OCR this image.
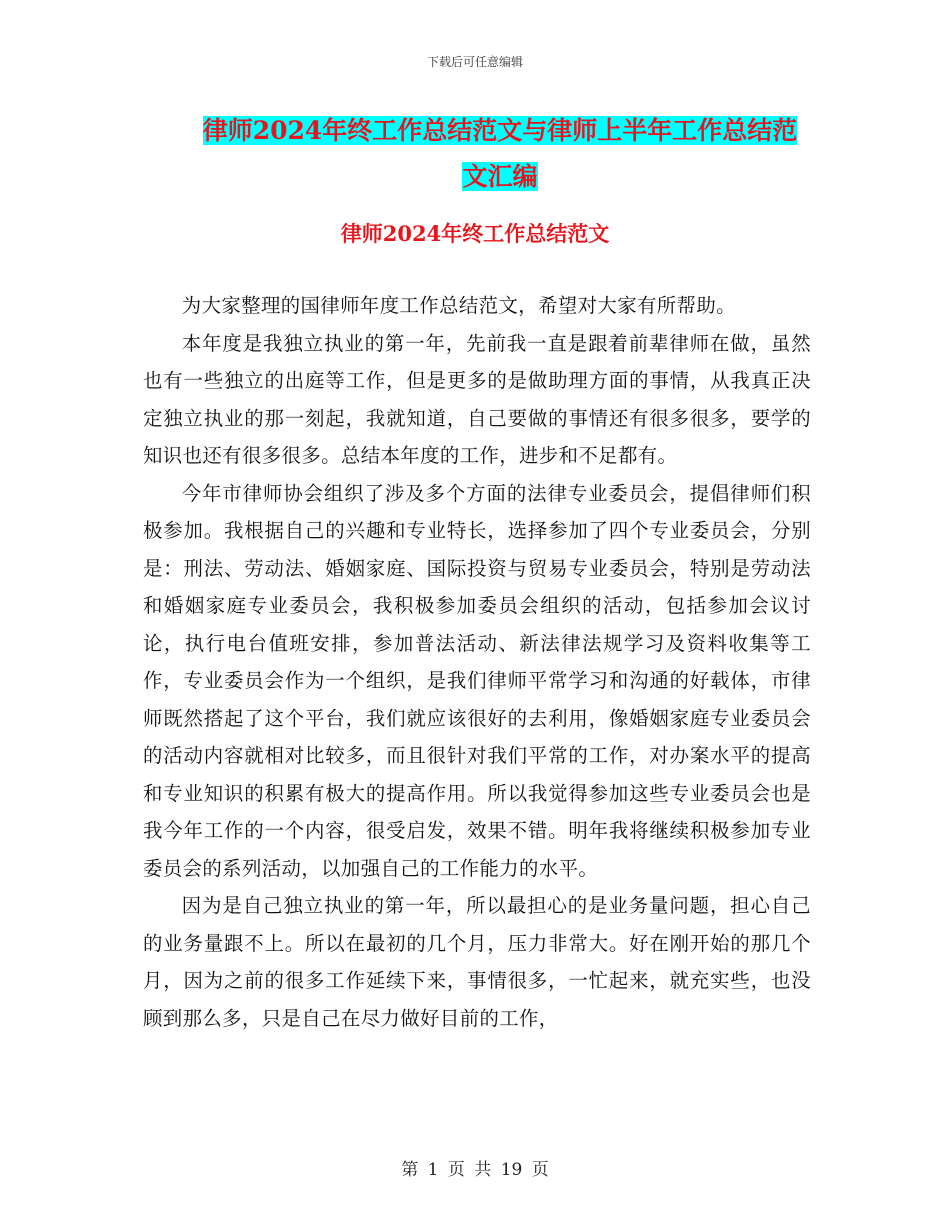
下载后可任意编辑
律师2024年终工作总结范文与律师上半年工作总结范
文汇编
律师2024年终工作总结范文

为大家整理的国律师年度工作总结范文，希望对大家有所帮助。

本年度是我独立执业的第一年，先前我一直是跟着前辈律师在做，虽然也有一些独立的出庭等工作，但是更多的是做助理方面的事情，从我真正决定独立执业的那一刻起，我就知道，自己要做的事情还有很多很多，要学的知识也还有很多很多。总结本年度的工作，进步和不足都有。

今年市律师协会组织了涉及多个方面的法律专业委员会，提倡律师们积极参加。我根据自己的兴趣和专业特长，选择参加了四个专业委员会，分别是：刑法、劳动法、婚姻家庭、国际投资与贸易专业委员会，特别是劳动法和婚姻家庭专业委员会，我积极参加委员会组织的活动，包括参加会议讨论，执行电台值班安排，参加普法活动、新法律法规学习及资料收集等工作，专业委员会作为一个组织，是我们律师平常学习和沟通的好载体，市律师既然搭起了这个平台，我们就应该很好的去利用，像婚姻家庭专业委员会的活动内容就相对比较多，而且很针对我们平常的工作，对办案水平的提高和专业知识的积累有极大的提高作用。所以我觉得参加这些专业委员会也是我今年工作的一个内容，很受启发，效果不错。明年我将继续积极参加专业委员会的系列活动，以加强自己的工作能力的水平。

因为是自己独立执业的第一年，所以最担心的是业务量问题，担心自己的业务量跟不上。所以在最初的几个月，压力非常大。好在刚开始的那几个月，因为之前的很多工作延续下来，事情很多，一忙起来，就充实些，也没顾到那么多，只是自己在尽力做好目前的工作，

第 1 页 共 19 页
